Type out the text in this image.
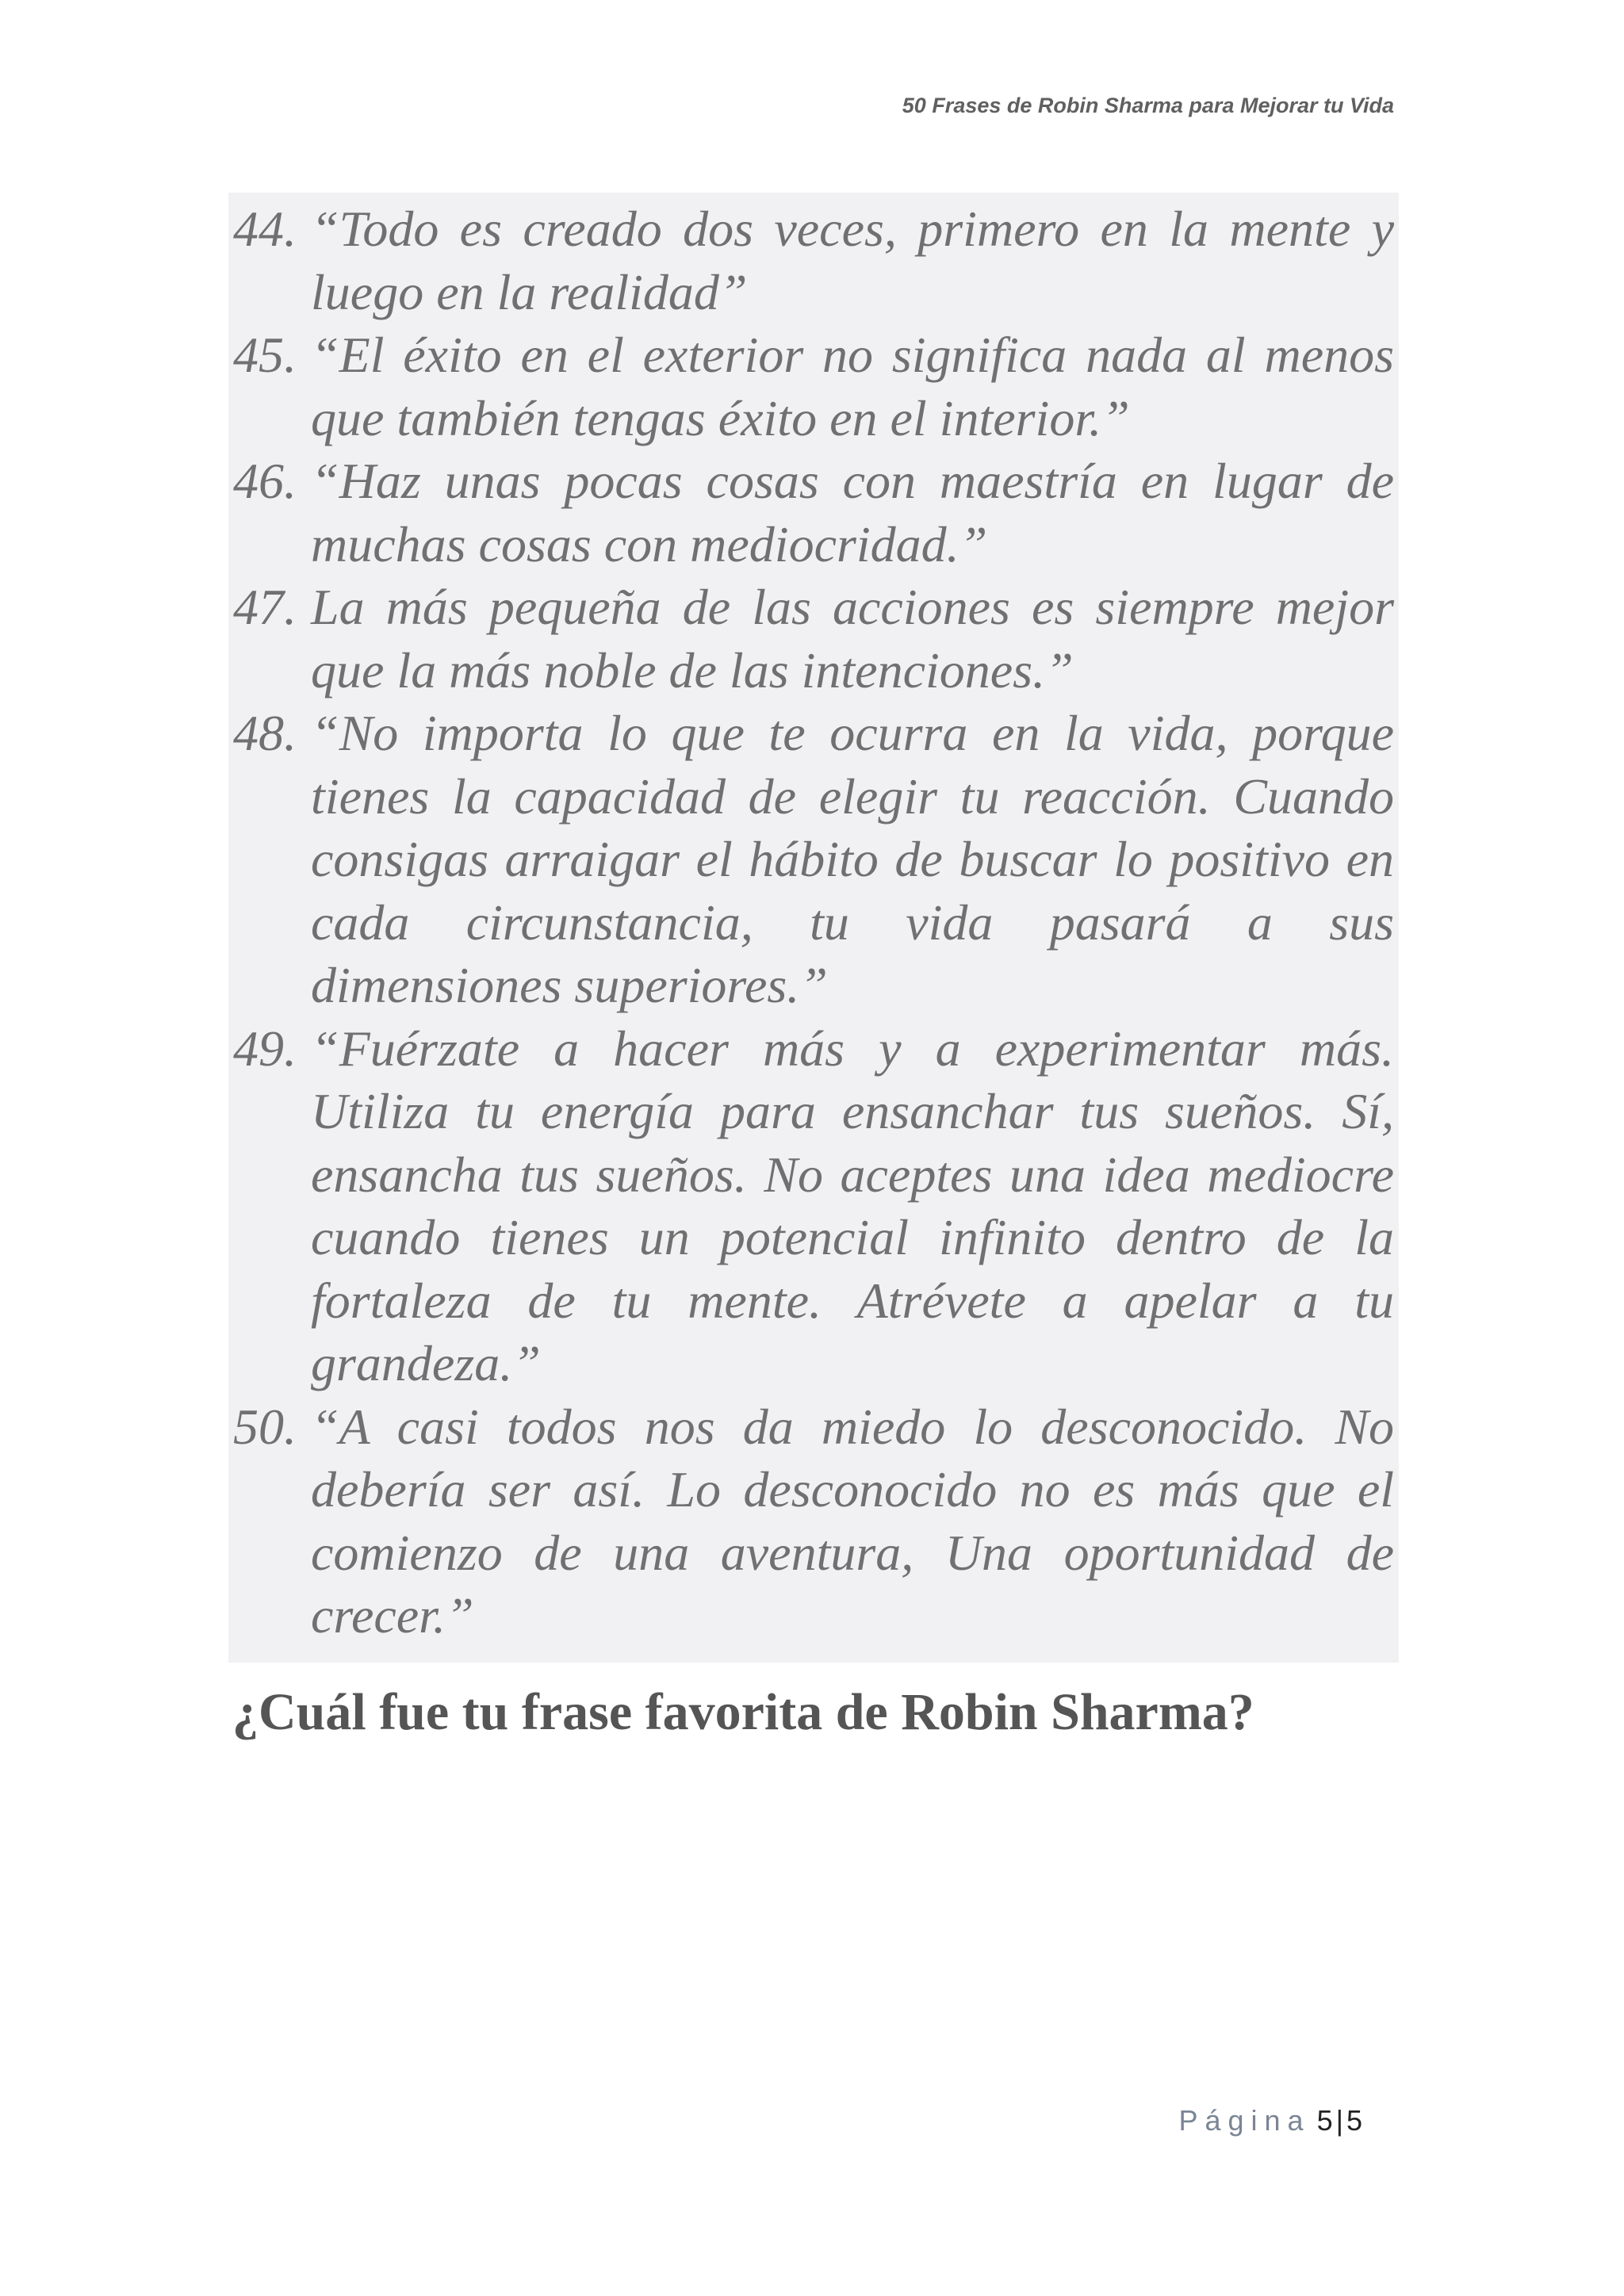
50 Frases de Robin Sharma para Mejorar tu Vida
44. “Todo es creado dos veces, primero en la mente y luego en la realidad”
45. “El éxito en el exterior no significa nada al menos que también tengas éxito en el interior.”
46. “Haz unas pocas cosas con maestría en lugar de muchas cosas con mediocridad.”
47. La más pequeña de las acciones es siempre mejor que la más noble de las intenciones.”
48. “No importa lo que te ocurra en la vida, porque tienes la capacidad de elegir tu reacción. Cuando consigas arraigar el hábito de buscar lo positivo en cada circunstancia, tu vida pasará a sus dimensiones superiores.”
49. “Fuérzate a hacer más y a experimentar más. Utiliza tu energía para ensanchar tus sueños. Sí, ensancha tus sueños. No aceptes una idea mediocre cuando tienes un potencial infinito dentro de la fortaleza de tu mente. Atrévete a apelar a tu grandeza.”
50. “A casi todos nos da miedo lo desconocido. No debería ser así. Lo desconocido no es más que el comienzo de una aventura, Una oportunidad de crecer.”
¿Cuál fue tu frase favorita de Robin Sharma?
Página 5 | 5
